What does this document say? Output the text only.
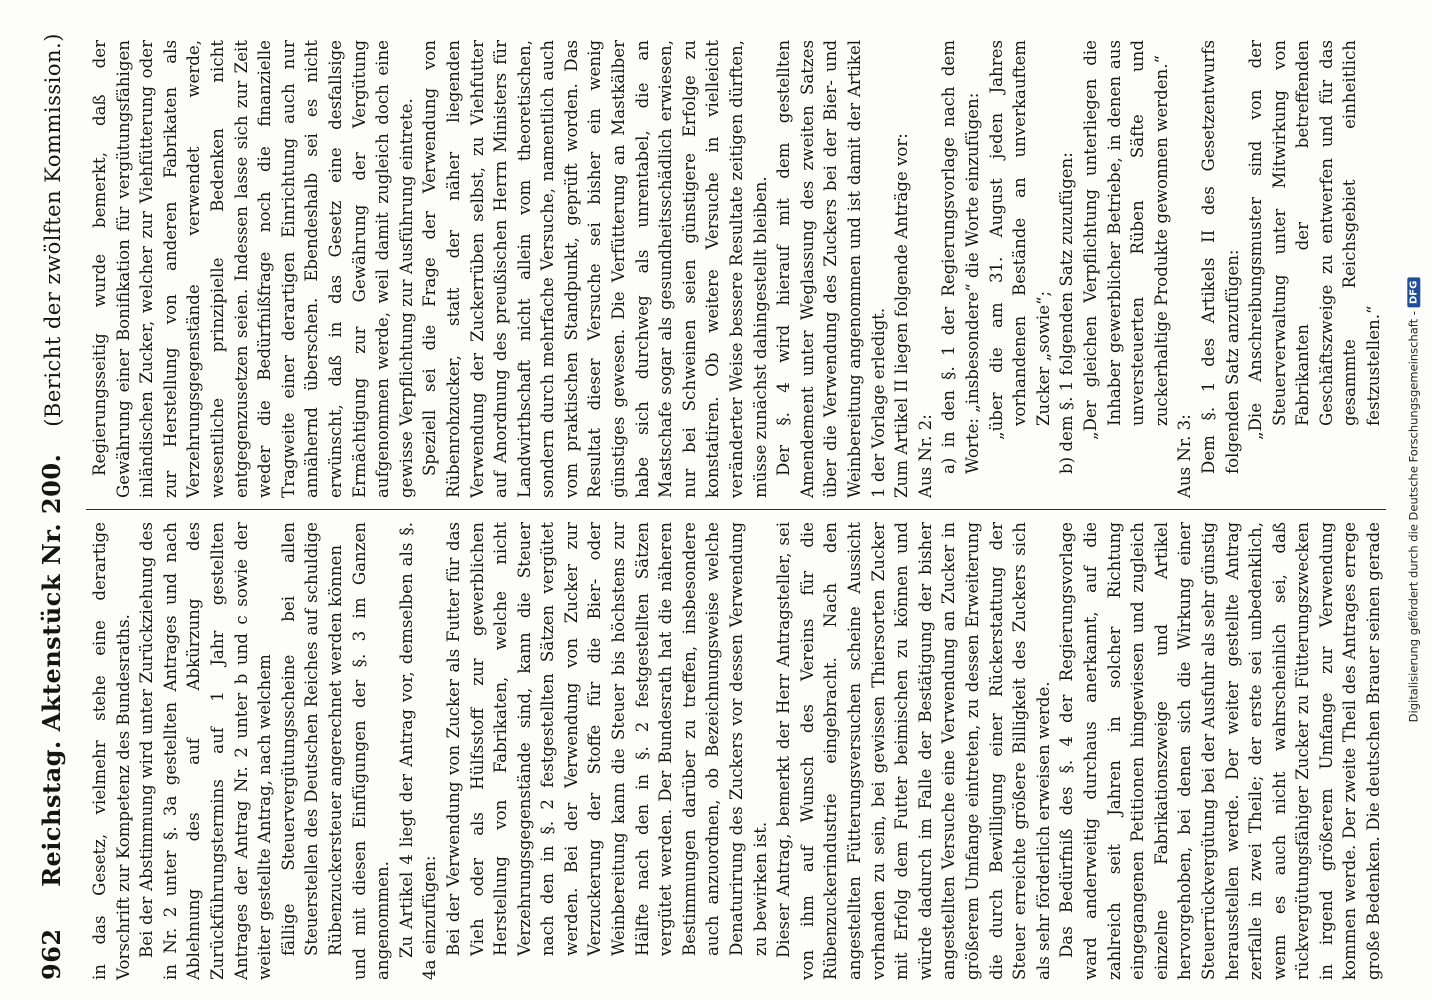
962
Reichstag. Aktenstück Nr. 200. (Bericht der zwölften Kommission.)

in das Gesetz, vielmehr stehe eine derartige Vorschrift zur Kompetenz des Bundesraths. Bei der Abstimmung wird unter Zurückziehung des in Nr. 2 unter §. 3a gestellten Antrages und nach Ablehnung des auf Abkürzung des Zurückführungstermins auf 1 Jahr gestellten Antrages der Antrag Nr. 2 unter b und c sowie der weiter gestellte Antrag, nach welchem fällige Steuervergütungsscheine bei allen Steuerstellen des Deutschen Reiches auf schuldige Rübenzuckersteuer angerechnet werden können und mit diesen Einfügungen der §. 3 im Ganzen angenommen. Zu Artikel 4 liegt der Antrag vor, demselben als §. 4a einzufügen: Bei der Verwendung von Zucker als Futter für das Vieh oder als Hülfsstoff zur gewerblichen Herstellung von Fabrikaten, welche nicht Verzehrungsgegenstände sind, kann die Steuer nach den in §. 2 festgestellten Sätzen vergütet werden. Bei der Verwendung von Zucker zur Verzuckerung der Stoffe für die Bier- oder Weinbereitung kann die Steuer bis höchstens zur Hälfte nach den in §. 2 festgestellten Sätzen vergütet werden. Der Bundesrath hat die näheren Bestimmungen darüber zu treffen, insbesondere auch anzuordnen, ob Bezeichnungsweise welche Denaturirung des Zuckers vor dessen Verwendung zu bewirken ist. Dieser Antrag, bemerkt der Herr Antragsteller, sei von ihm auf Wunsch des Vereins für die Rübenzuckerindustrie eingebracht. Nach den angestellten Fütterungsversuchen scheine Aussicht vorhanden zu sein, bei gewissen Thiersorten Zucker mit Erfolg dem Futter beimischen zu können und würde dadurch im Falle der Bestätigung der bisher angestellten Versuche eine Verwendung an Zucker in größerem Umfange eintreten, zu dessen Erweiterung die durch Bewilligung einer Rückerstattung der Steuer erreichte größere Billigkeit des Zuckers sich als sehr förderlich erweisen werde. Das Bedürfniß des §. 4 der Regierungsvorlage ward anderweitig durchaus anerkannt, auf die zahlreich seit Jahren in solcher Richtung eingegangenen Petitionen hingewiesen und zugleich einzelne Fabrikationszweige und Artikel hervorgehoben, bei denen sich die Wirkung einer Steuerrückvergütung bei der Ausfuhr als sehr günstig herausstellen werde. Der weiter gestellte Antrag zerfalle in zwei Theile; der erste sei unbedenklich, wenn es auch nicht wahrscheinlich sei, daß rückvergütungsfähiger Zucker zu Fütterungszwecken in irgend größerem Umfange zur Verwendung kommen werde. Der zweite Theil des Antrages errege große Bedenken. Die deutschen Brauer seinen gerade

Regierungsseitig wurde bemerkt, daß der Gewährung einer Bonifikation für vergütungsfähigen inländischen Zucker, welcher zur Viehfütterung oder zur Herstellung von anderen Fabrikaten als Verzehrungsgegenstände verwendet werde, wesentliche prinzipielle Bedenken nicht entgegenzusetzen seien. Indessen lasse sich zur Zeit weder die Bedürfnißfrage noch die finanzielle Tragweite einer derartigen Einrichtung auch nur annähernd überschen. Ebendeshalb sei es nicht erwünscht, daß in das Gesetz eine desfallsige Ermächtigung zur Gewährung der Vergütung aufgenommen werde, weil damit zugleich doch eine gewisse Verpflichtung zur Ausführung eintrete. Speziell sei die Frage der Verwendung von Rübenrohzucker, statt der näher liegenden Verwendung der Zuckerrüben selbst, zu Viehfutter auf Anordnung des preußischen Herrn Ministers für Landwirthschaft nicht allein vom theoretischen, sondern durch mehrfache Versuche, namentlich auch vom praktischen Standpunkt, geprüft worden. Das Resultat dieser Versuche sei bisher ein wenig günstiges gewesen. Die Verfütterung an Mastkälber habe sich durchweg als unrentabel, die an Mastschafe sogar als gesundheitsschädlich erwiesen, nur bei Schweinen seien günstigere Erfolge zu konstatiren. Ob weitere Versuche in vielleicht veränderter Weise bessere Resultate zeitigen dürften, müsse zunächst dahingestellt bleiben. Der §. 4 wird hierauf mit dem gestellten Amendement unter Weglassung des zweiten Satzes über die Verwendung des Zuckers bei der Bier- und Weinbereitung angenommen und ist damit der Artikel 1 der Vorlage erledigt. Zum Artikel II liegen folgende Anträge vor: Aus Nr. 2: a) in den §. 1 der Regierungsvorlage nach dem Worte: „insbesondere“ die Worte einzufügen: „über die am 31. August jeden Jahres vorhandenen Bestände an unverkauftem Zucker „sowie“; b) dem §. 1 folgenden Satz zuzufügen: „Der gleichen Verpflichtung unterliegen die Inhaber gewerblicher Betriebe, in denen aus unversteuerten Rüben Säfte und zuckerhaltige Produkte gewonnen werden.“

Aus Nr. 3: Dem §. 1 des Artikels II des Gesetzentwurfs folgenden Satz anzufügen: „Die Anschreibungsmuster sind von der Steuerverwaltung unter Mitwirkung von Fabrikanten der betreffenden Geschäftszweige zu entwerfen und für das gesammte Reichsgebiet einheitlich festzustellen.“ Digitalisierung gefördert durch die Deutsche Forschungsgemeinschaft -
DFG
